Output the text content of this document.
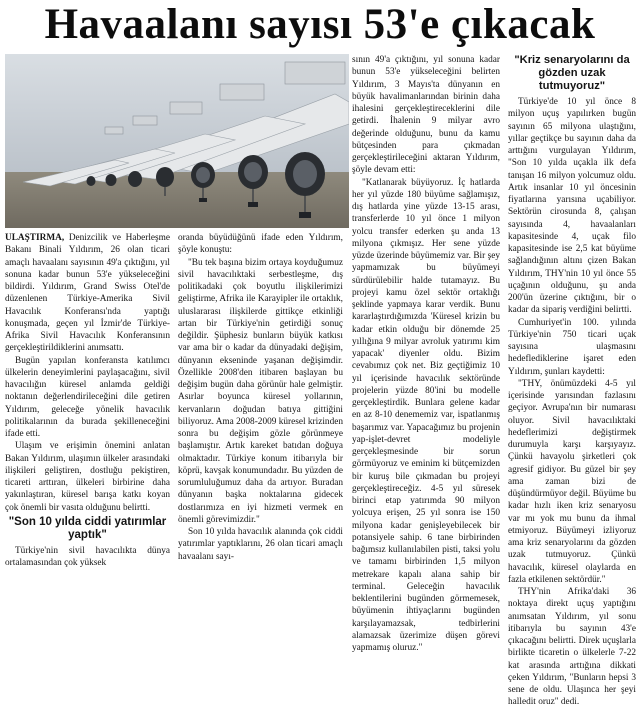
Havaalanı sayısı 53'e çıkacak

ULAŞTIRMA, Denizcilik ve Haberleşme Bakanı Binali Yıldırım, 26 olan ticari amaçlı havaalanı sayısının 49'a çıktığını, yıl sonuna kadar bunun 53'e yükseleceğini bildirdi. Yıldırım, Grand Swiss Otel'de düzenlenen Türkiye-Amerika Sivil Havacılık Konferansı'nda yaptığı konuşmada, geçen yıl İzmir'de Türkiye-Afrika Sivil Havacılık Konferansının gerçekleştirildiklerini anımsattı.

Bugün yapılan konferansta katılımcı ülkelerin deneyimlerini paylaşacağını, sivil havacılığın küresel anlamda geldiği noktanın değerlendirileceğini dile getiren Yıldırım, geleceğe yönelik havacılık politikalarının da burada şekilleneceğini ifade etti.

Ulaşım ve erişimin önemini anlatan Bakan Yıldırım, ulaşımın ülkeler arasındaki ilişkileri geliştiren, dostluğu pekiştiren, ticareti arttıran, ülkeleri birbirine daha yakınlaştıran, küresel barışa katkı koyan çok önemli bir vasıta olduğunu belirtti.

"Son 10 yılda ciddi yatırımlar yaptık"

Türkiye'nin sivil havacılıkta dünya ortalamasından çok yüksek

oranda büyüdüğünü ifade eden Yıldırım, şöyle konuştu:

"Bu tek başına bizim ortaya koyduğumuz sivil havacılıktaki serbestleşme, dış politikadaki çok boyutlu ilişkilerimizi geliştirme, Afrika ile Karayipler ile ortaklık, uluslararası ilişkilerde gittikçe etkinliği artan bir Türkiye'nin getirdiği sonuç değildir. Şüphesiz bunların büyük katkısı var ama bir o kadar da dünyadaki değişim, dünyanın ekseninde yaşanan değişimdir. Özellikle 2008'den itibaren başlayan bu değişim bugün daha görünür hale gelmiştir. Asırlar boyunca küresel yollarının, kervanların doğudan batıya gittiğini biliyoruz. Ama 2008-2009 küresel krizinden sonra bu değişim gözle görünmeye başlamıştır. Artık kareket batıdan doğuya olmaktadır. Türkiye konum itibarıyla bir köprü, kavşak konumundadır. Bu yüzden de sorumluluğumuz daha da artıyor. Buradan dünyanın başka noktalarına gidecek dostlarımıza en iyi hizmeti vermek en önemli görevimizdir."

Son 10 yılda havacılık alanında çok ciddi yatırımlar yaptıklarını, 26 olan ticari amaçlı havaalanı sayı-

sının 49'a çıktığını, yıl sonuna kadar bunun 53'e yükseleceğini belirten Yıldırım, 3 Mayıs'ta dünyanın en büyük havalimanlarından birinin daha ihalesini gerçekleştireceklerini dile getirdi. İhalenin 9 milyar avro değerinde olduğunu, bunu da kamu bütçesinden para çıkmadan gerçekleştirileceğini aktaran Yıldırım, şöyle devam etti:

"Katlanarak büyüyoruz. İç hatlarda her yıl yüzde 180 büyüme sağlamışız, dış hatlarda yine yüzde 13-15 arası, transferlerde 10 yıl önce 1 milyon yolcu transfer ederken şu anda 13 milyona çıkmışız. Her sene yüzde yüzde üzerinde büyümemiz var. Bir şey yapmamızak bu büyümeyi sürdürülebilir halde tutamayız. Bu projeyi kamu özel sektör ortaklığı şeklinde yapmaya karar verdik. Bunu kararlaştırdığımızda 'Küresel krizin bu kadar etkin olduğu bir dönemde 25 yıllığına 9 milyar avroluk yatırımı kim yapacak' diyenler oldu. Bizim cevabımız çok net. Biz geçtiğimiz 10 yıl içerisinde havacılık sektöründe projelerin yüzde 80'ini bu modelle gerçekleştirdik. Bunlara gelene kadar en az 8-10 denememiz var, ispatlanmış başarımız var. Yapacağımız bu projenin yap-işlet-devret modeliyle gerçekleşmesinde bir sorun görmüyoruz ve eminim ki bütçemizden bir kuruş bile çıkmadan bu projeyi gerçekleştireceğiz. 4-5 yıl süresek birinci etap yatırımda 90 milyon yolcuya erişen, 25 yıl sonra ise 150 milyona kadar genişleyebilecek bir potansiyele sahip. 6 tane birbirinden bağımsız kullanılabilen pisti, taksi yolu ve tamamı birbirinden 1,5 milyon metrekare kapalı alana sahip bir terminal. Geleceğin havacılık beklentilerini bugünden görmemesek, büyümenin ihtiyaçlarını bugünden karşılayamazsak, tedbirlerini alamazsak üzerimize düşen görevi yapmamış oluruz."

"Kriz senaryolarını da gözden uzak tutmuyoruz"

Türkiye'de 10 yıl önce 8 milyon uçuş yapılırken bugün sayının 65 milyona ulaştığını, yıllar geçtikçe bu sayının daha da arttığını vurgulayan Yıldırım, "Son 10 yılda uçakla ilk defa tanışan 16 milyon yolcumuz oldu. Artık insanlar 10 yıl öncesinin fiyatlarına yarısına uçabiliyor. Sektörün cirosunda 8, çalışan sayısında 4, havaalanları kapasitesinde 4, uçak filo kapasitesinde ise 2,5 kat büyüme sağlandığının altını çizen Bakan Yıldırım, THY'nin 10 yıl önce 55 uçağının olduğunu, şu anda 200'ün üzerine çıktığını, bir o kadar da sipariş verdiğini belirtti.

Cumhuriyet'in 100. yılında Türkiye'nin 750 ticari uçak sayısına ulaşmasını hedeflediklerine işaret eden Yıldırım, şunları kaydetti:

"THY, önümüzdeki 4-5 yıl içerisinde yarısından fazlasını geçiyor. Avrupa'nın bir numarası oluyor. Sivil havacılıktaki hedeflerimizi değiştirmek durumuyla karşı karşıyayız. Çünkü havayolu şirketleri çok agresif gidiyor. Bu güzel bir şey ama zaman bizi de düşündürmüyor değil. Büyüme bu kadar hızlı iken kriz senaryosu var mı yok mu bunu da ihmal etmiyoruz. Büyümeyi izliyoruz ama kriz senaryolarını da gözden uzak tutmuyoruz. Çünkü havacılık, küresel olaylarda en fazla etkilenen sektördür."

THY'nin Afrika'daki 36 noktaya direkt uçuş yaptığını anımsatan Yıldırım, yıl sonu itibarıyla bu sayının 43'e çıkacağını belirtti. Direk uçuşlarla birlikte ticaretin o ülkelerle 7-22 kat arasında arttığına dikkati çeken Yıldırım, "Bunların hepsi 3 sene de oldu. Ulaşınca her şeyi halledit oruz" dedi.
